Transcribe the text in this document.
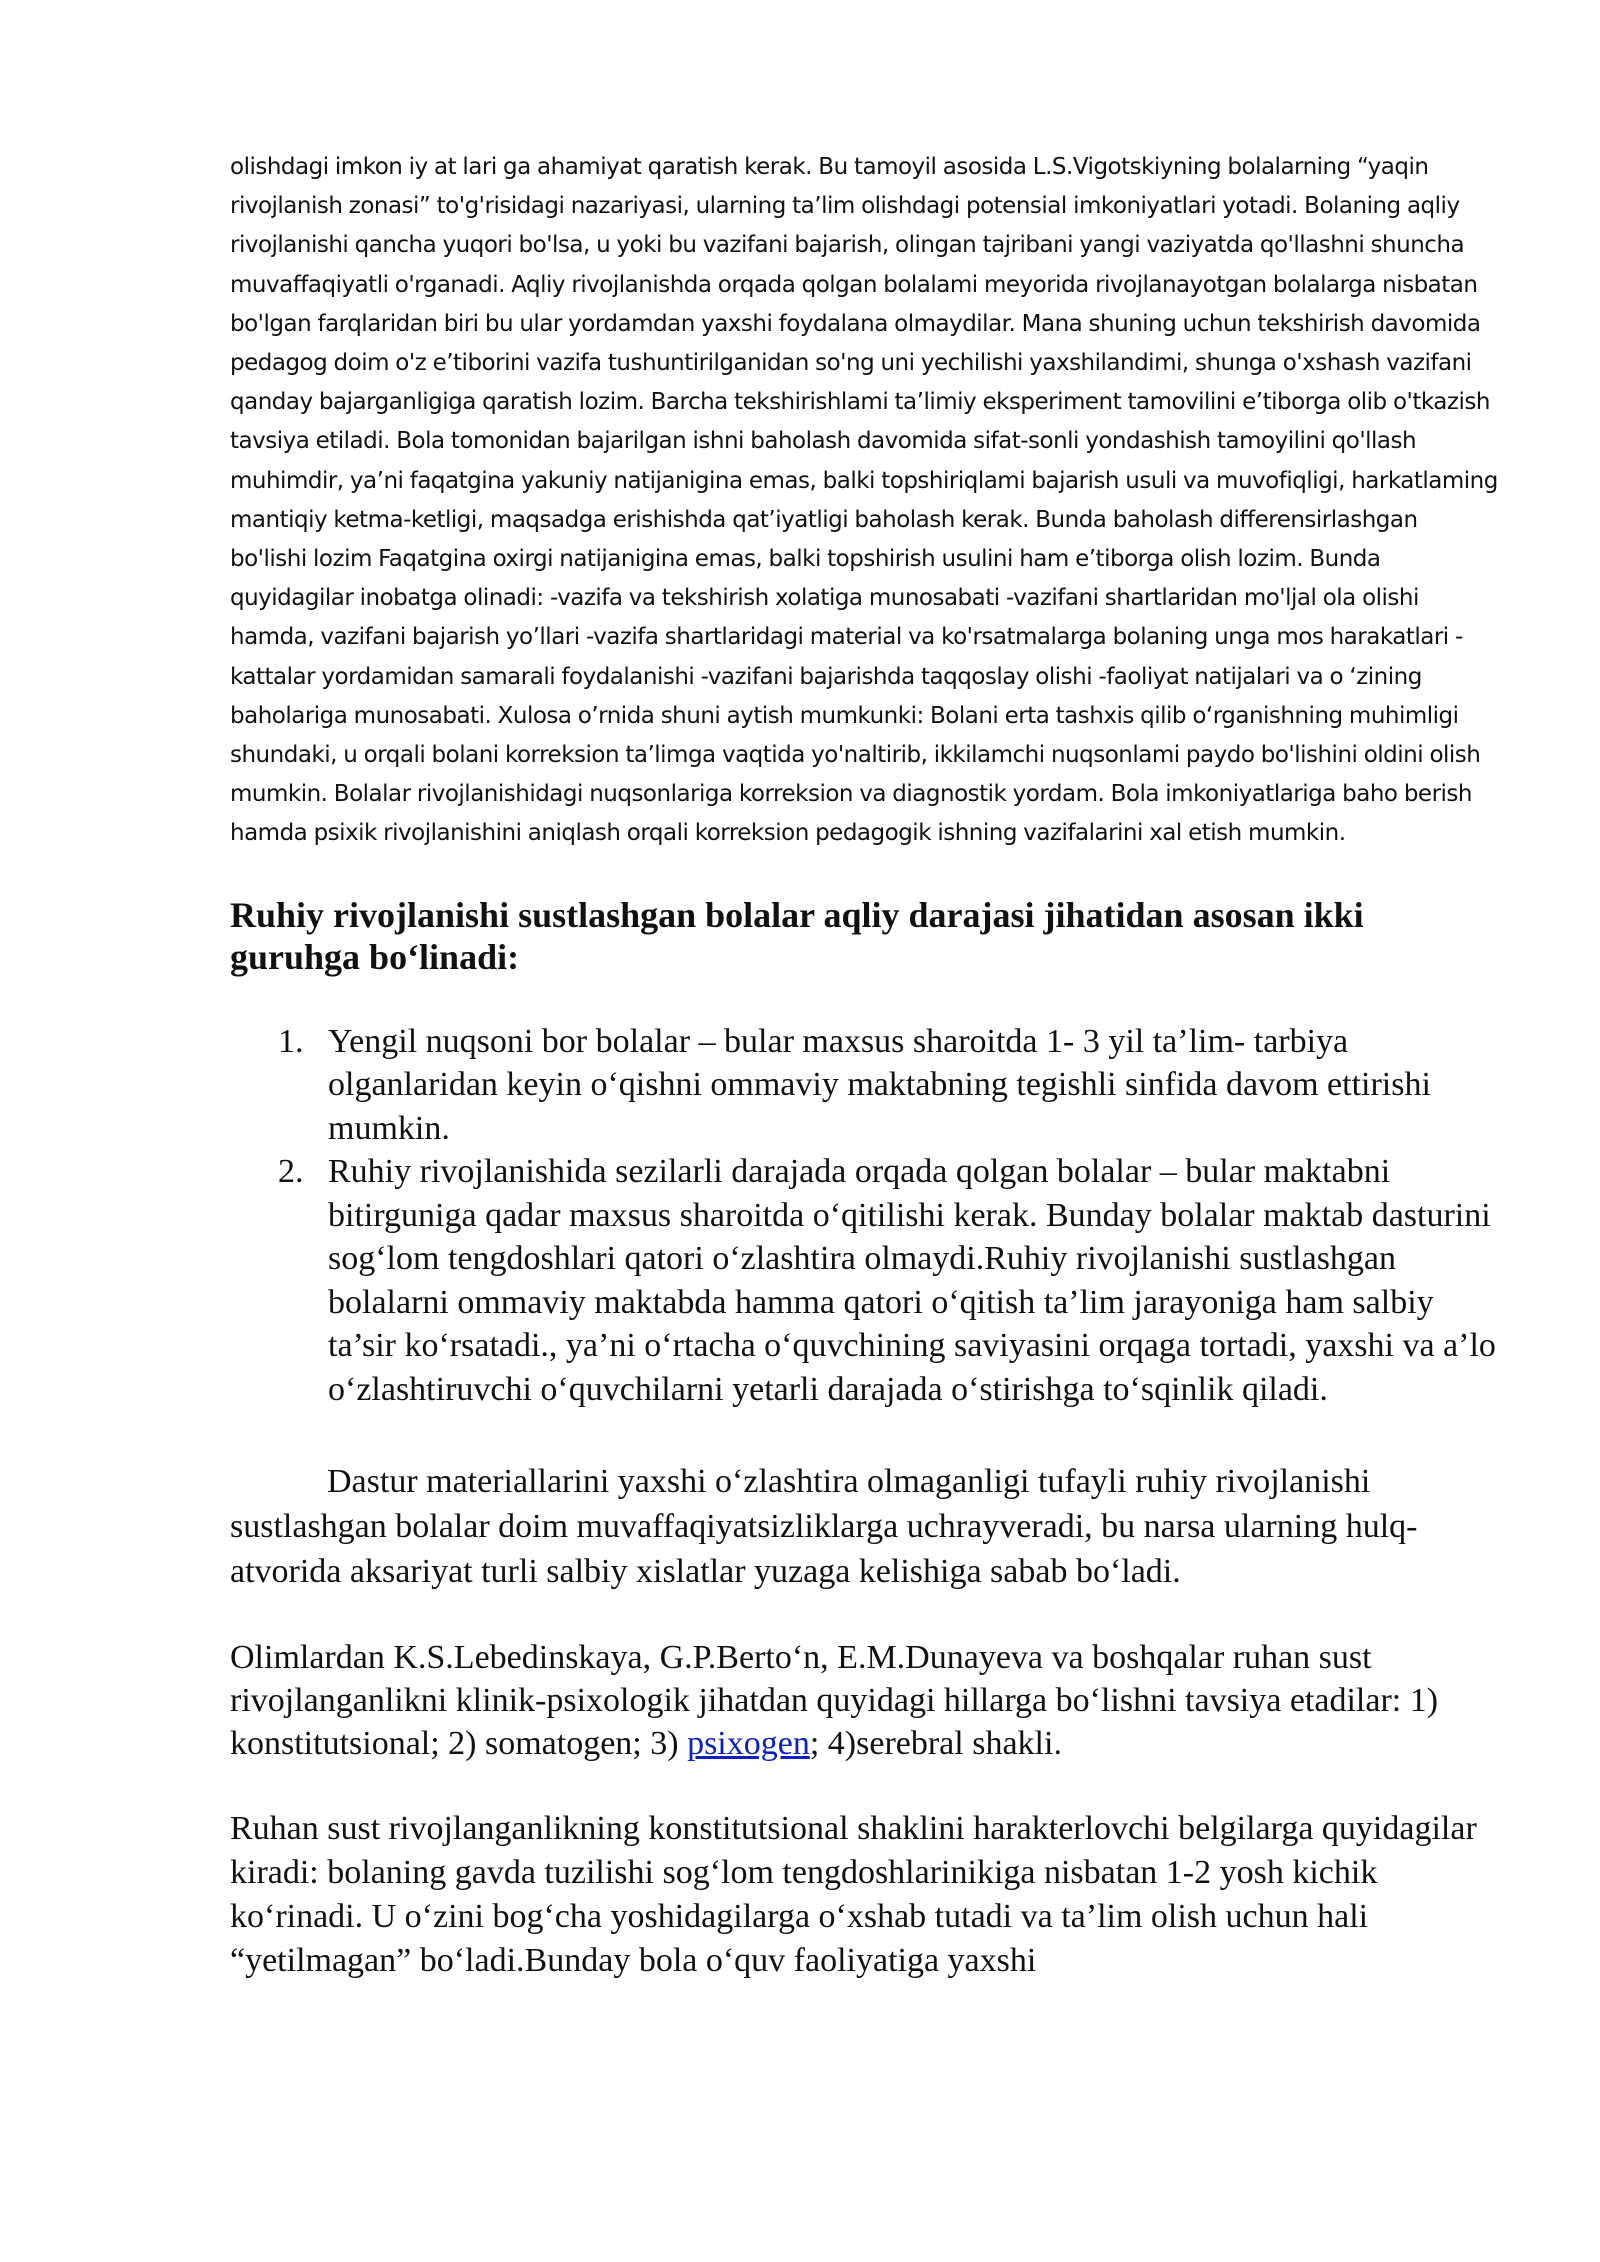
olishdagi imkon iy at lari ga ahamiyat qaratish kerak. Bu tamoyil asosida L.S.Vigotskiyning bolalarning “yaqin rivojlanish zonasi” to'g'risidagi nazariyasi, ularning ta’lim olishdagi potensial imkoniyatlari yotadi. Bolaning aqliy rivojlanishi qancha yuqori bo'lsa, u yoki bu vazifani bajarish, olingan tajribani yangi vaziyatda qo'llashni shuncha muvaffaqiyatli o'rganadi. Aqliy rivojlanishda orqada qolgan bolalami meyorida rivojlanayotgan bolalarga nisbatan bo'lgan farqlaridan biri bu ular yordamdan yaxshi foydalana olmaydilar. Mana shuning uchun tekshirish davomida pedagog doim o'z e’tiborini vazifa tushuntirilganidan so'ng uni yechilishi yaxshilandimi, shunga o'xshash vazifani qanday bajarganligiga qaratish lozim. Barcha tekshirishlami ta’limiy eksperiment tamovilini e’tiborga olib o'tkazish tavsiya etiladi. Bola tomonidan bajarilgan ishni baholash davomida sifat-sonli yondashish tamoyilini qo'llash muhimdir, ya’ni faqatgina yakuniy natijanigina emas, balki topshiriqlami bajarish usuli va muvofiqligi, harkatlaming mantiqiy ketma-ketligi, maqsadga erishishda qat’iyatligi baholash kerak. Bunda baholash differensirlashgan bo'lishi lozim Faqatgina oxirgi natijanigina emas, balki topshirish usulini ham e’tiborga olish lozim. Bunda quyidagilar inobatga olinadi: -vazifa va tekshirish xolatiga munosabati -vazifani shartlaridan mo'ljal ola olishi hamda, vazifani bajarish yo’llari -vazifa shartlaridagi material va ko'rsatmalarga bolaning unga mos harakatlari -kattalar yordamidan samarali foydalanishi -vazifani bajarishda taqqoslay olishi -faoliyat natijalari va o ‘zining baholariga munosabati. Xulosa o’rnida shuni aytish mumkunki: Bolani erta tashxis qilib o‘rganishning muhimligi shundaki, u orqali bolani korreksion ta’limga vaqtida yo'naltirib, ikkilamchi nuqsonlami paydo bo'lishini oldini olish mumkin. Bolalar rivojlanishidagi nuqsonlariga korreksion va diagnostik yordam. Bola imkoniyatlariga baho berish hamda psixik rivojlanishini aniqlash orqali korreksion pedagogik ishning vazifalarini xal etish mumkin.

Ruhiy rivojlanishi sustlashgan bolalar aqliy darajasi jihatidan asosan ikki guruhga bo‘linadi:
1. Yengil nuqsoni bor bolalar – bular maxsus sharoitda 1- 3 yil ta’lim- tarbiya olganlaridan keyin o‘qishni ommaviy maktabning tegishli sinfida davom ettirishi mumkin.
2. Ruhiy rivojlanishida sezilarli darajada orqada qolgan bolalar – bular maktabni bitirguniga qadar maxsus sharoitda o‘qitilishi kerak. Bunday bolalar maktab dasturini sog‘lom tengdoshlari qatori o‘zlashtira olmaydi.Ruhiy rivojlanishi sustlashgan bolalarni ommaviy maktabda hamma qatori o‘qitish ta’lim jarayoniga ham salbiy ta’sir ko‘rsatadi., ya’ni o‘rtacha o‘quvchining saviyasini orqaga tortadi, yaxshi va a’lo o‘zlashtiruvchi o‘quvchilarni yetarli darajada o‘stirishga to‘sqinlik qiladi.

Dastur materiallarini yaxshi o‘zlashtira olmaganligi tufayli ruhiy rivojlanishi sustlashgan bolalar doim muvaffaqiyatsizliklarga uchrayveradi, bu narsa ularning hulq-atvorida aksariyat turli salbiy xislatlar yuzaga kelishiga sabab bo‘ladi.

Olimlardan K.S.Lebedinskaya, G.P.Berto‘n, E.M.Dunayeva va boshqalar ruhan sust rivojlanganlikni klinik-psixologik jihatdan quyidagi hillarga bo‘lishni tavsiya etadilar: 1) konstitutsional; 2) somatogen; 3) psixogen; 4)serebral shakli.

Ruhan sust rivojlanganlikning konstitutsional shaklini harakterlovchi belgilarga quyidagilar kiradi: bolaning gavda tuzilishi sog‘lom tengdoshlarinikiga nisbatan 1-2 yosh kichik ko‘rinadi. U o‘zini bog‘cha yoshidagilarga o‘xshab tutadi va ta’lim olish uchun hali “yetilmagan” bo‘ladi.Bunday bola o‘quv faoliyatiga yaxshi
